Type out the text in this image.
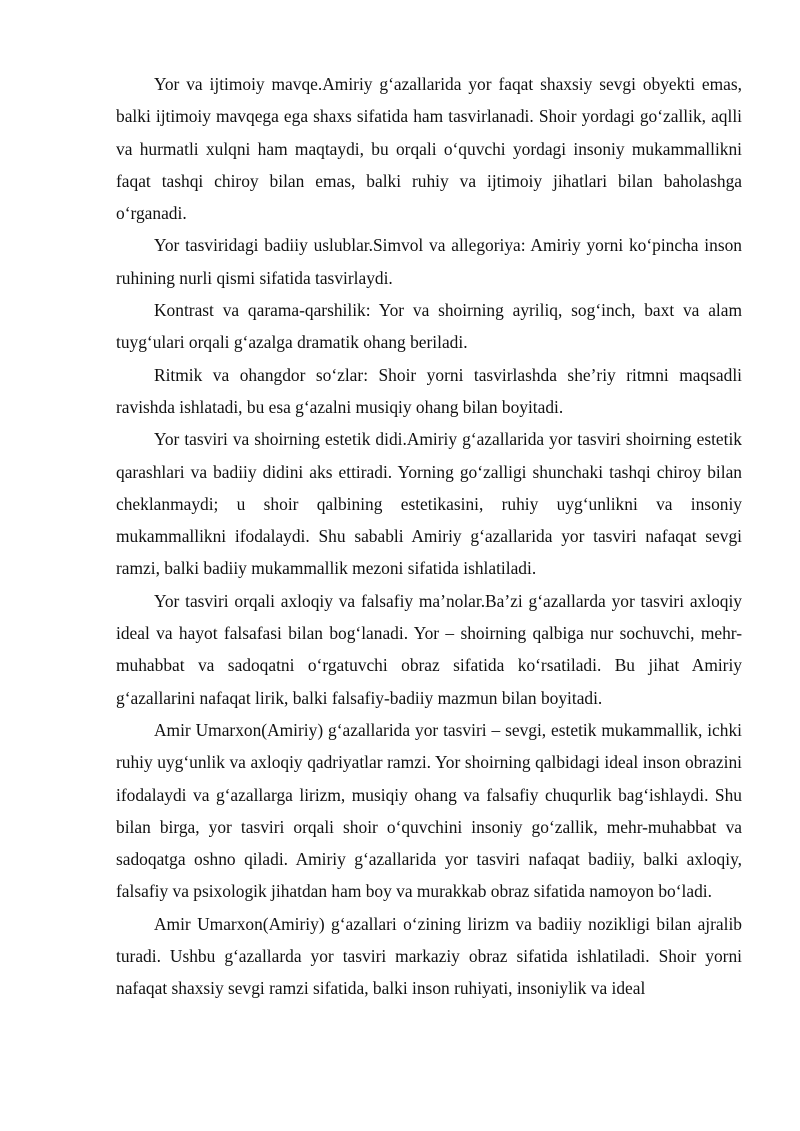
Yor va ijtimoiy mavqe.Amiriy g‘azallarida yor faqat shaxsiy sevgi obyekti emas, balki ijtimoiy mavqega ega shaxs sifatida ham tasvirlanadi. Shoir yordagi go‘zallik, aqlli va hurmatli xulqni ham maqtaydi, bu orqali o‘quvchi yordagi insoniy mukammallikni faqat tashqi chiroy bilan emas, balki ruhiy va ijtimoiy jihatlari bilan baholashga o‘rganadi.

Yor tasviridagi badiiy uslublar.Simvol va allegoriya: Amiriy yorni ko‘pincha inson ruhining nurli qismi sifatida tasvirlaydi.

Kontrast va qarama-qarshilik: Yor va shoirning ayriliq, sog‘inch, baxt va alam tuyg‘ulari orqali g‘azalga dramatik ohang beriladi.

Ritmik va ohangdor so‘zlar: Shoir yorni tasvirlashda she’riy ritmni maqsadli ravishda ishlatadi, bu esa g‘azalni musiqiy ohang bilan boyitadi.

Yor tasviri va shoirning estetik didi.Amiriy g‘azallarida yor tasviri shoirning estetik qarashlari va badiiy didini aks ettiradi. Yorning go‘zalligi shunchaki tashqi chiroy bilan cheklanmaydi; u shoir qalbining estetikasini, ruhiy uyg‘unlikni va insoniy mukammallikni ifodalaydi. Shu sababli Amiriy g‘azallarida yor tasviri nafaqat sevgi ramzi, balki badiiy mukammallik mezoni sifatida ishlatiladi.

Yor tasviri orqali axloqiy va falsafiy ma’nolar.Ba’zi g‘azallarda yor tasviri axloqiy ideal va hayot falsafasi bilan bog‘lanadi. Yor – shoirning qalbiga nur sochuvchi, mehr-muhabbat va sadoqatni o‘rgatuvchi obraz sifatida ko‘rsatiladi. Bu jihat Amiriy g‘azallarini nafaqat lirik, balki falsafiy-badiiy mazmun bilan boyitadi.

Amir Umarxon(Amiriy) g‘azallarida yor tasviri – sevgi, estetik mukammallik, ichki ruhiy uyg‘unlik va axloqiy qadriyatlar ramzi. Yor shoirning qalbidagi ideal inson obrazini ifodalaydi va g‘azallarga lirizm, musiqiy ohang va falsafiy chuqurlik bag‘ishlaydi. Shu bilan birga, yor tasviri orqali shoir o‘quvchini insoniy go‘zallik, mehr-muhabbat va sadoqatga oshno qiladi. Amiriy g‘azallarida yor tasviri nafaqat badiiy, balki axloqiy, falsafiy va psixologik jihatdan ham boy va murakkab obraz sifatida namoyon bo‘ladi.

Amir Umarxon(Amiriy) g‘azallari o‘zining lirizm va badiiy nozikligi bilan ajralib turadi. Ushbu g‘azallarda yor tasviri markaziy obraz sifatida ishlatiladi. Shoir yorni nafaqat shaxsiy sevgi ramzi sifatida, balki inson ruhiyati, insoniylik va ideal
